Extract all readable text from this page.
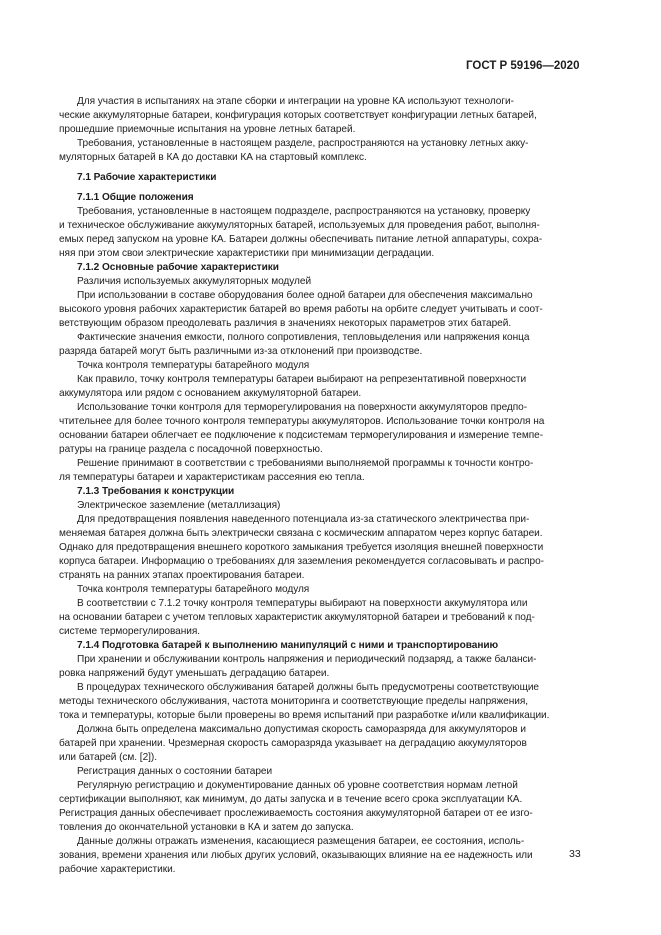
ГОСТ Р 59196—2020
Для участия в испытаниях на этапе сборки и интеграции на уровне КА используют технологи-
ческие аккумуляторные батареи, конфигурация которых соответствует конфигурации летных батарей,
прошедшие приемочные испытания на уровне летных батарей.
Требования, установленные в настоящем разделе, распространяются на установку летных акку-
муляторных батарей в КА до доставки КА на стартовый комплекс.
7.1 Рабочие характеристики
7.1.1 Общие положения
Требования, установленные в настоящем подразделе, распространяются на установку, проверку
и техническое обслуживание аккумуляторных батарей, используемых для проведения работ, выполня-
емых перед запуском на уровне КА. Батареи должны обеспечивать питание летной аппаратуры, сохра-
няя при этом свои электрические характеристики при минимизации деградации.
7.1.2 Основные рабочие характеристики
Различия используемых аккумуляторных модулей
При использовании в составе оборудования более одной батареи для обеспечения максимально
высокого уровня рабочих характеристик батарей во время работы на орбите следует учитывать и соот-
ветствующим образом преодолевать различия в значениях некоторых параметров этих батарей.
Фактические значения емкости, полного сопротивления, тепловыделения или напряжения конца
разряда батарей могут быть различными из-за отклонений при производстве.
Точка контроля температуры батарейного модуля
Как правило, точку контроля температуры батареи выбирают на репрезентативной поверхности
аккумулятора или рядом с основанием аккумуляторной батареи.
Использование точки контроля для терморегулирования на поверхности аккумуляторов предпо-
чтительнее для более точного контроля температуры аккумуляторов. Использование точки контроля на
основании батареи облегчает ее подключение к подсистемам терморегулирования и измерение темпе-
ратуры на границе раздела с посадочной поверхностью.
Решение принимают в соответствии с требованиями выполняемой программы к точности контро-
ля температуры батареи и характеристикам рассеяния ею тепла.
7.1.3 Требования к конструкции
Электрическое заземление (металлизация)
Для предотвращения появления наведенного потенциала из-за статического электричества при-
меняемая батарея должна быть электрически связана с космическим аппаратом через корпус батареи.
Однако для предотвращения внешнего короткого замыкания требуется изоляция внешней поверхности
корпуса батареи. Информацию о требованиях для заземления рекомендуется согласовывать и распро-
странять на ранних этапах проектирования батареи.
Точка контроля температуры батарейного модуля
В соответствии с 7.1.2 точку контроля температуры выбирают на поверхности аккумулятора или
на основании батареи с учетом тепловых характеристик аккумуляторной батареи и требований к под-
системе терморегулирования.
7.1.4 Подготовка батарей к выполнению манипуляций с ними и транспортированию
При хранении и обслуживании контроль напряжения и периодический подзаряд, а также баланси-
ровка напряжений будут уменьшать деградацию батареи.
В процедурах технического обслуживания батарей должны быть предусмотрены соответствующие
методы технического обслуживания, частота мониторинга и соответствующие пределы напряжения,
тока и температуры, которые были проверены во время испытаний при разработке и/или квалификации.
Должна быть определена максимально допустимая скорость саморазряда для аккумуляторов и
батарей при хранении. Чрезмерная скорость саморазряда указывает на деградацию аккумуляторов
или батарей (см. [2]).
Регистрация данных о состоянии батареи
Регулярную регистрацию и документирование данных об уровне соответствия нормам летной
сертификации выполняют, как минимум, до даты запуска и в течение всего срока эксплуатации КА.
Регистрация данных обеспечивает прослеживаемость состояния аккумуляторной батареи от ее изго-
товления до окончательной установки в КА и затем до запуска.
Данные должны отражать изменения, касающиеся размещения батареи, ее состояния, исполь-
зования, времени хранения или любых других условий, оказывающих влияние на ее надежность или
рабочие характеристики.
33
